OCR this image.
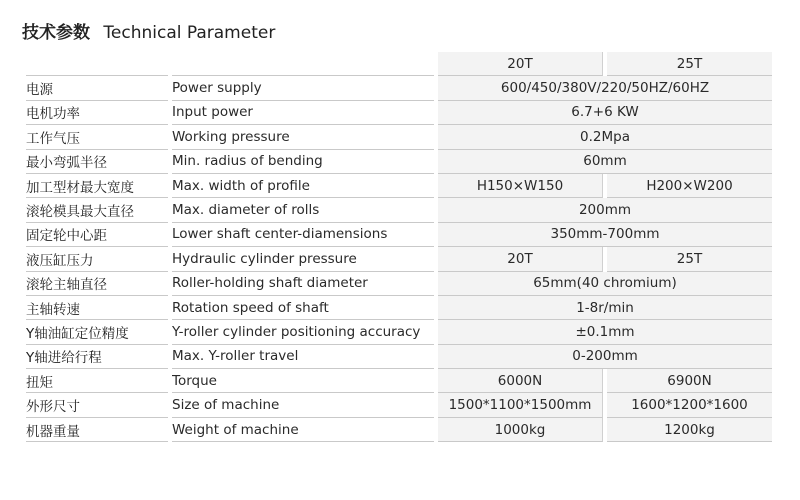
技术参数 Technical Parameter
		20T	25T
电源	Power supply	600/450/380V/220/50HZ/60HZ	
电机功率	Input power	6.7+6 KW	
工作气压	Working pressure	0.2Mpa	
最小弯弧半径	Min. radius of bending	60mm	
加工型材最大宽度	Max. width of profile	H150×W150	H200×W200
滚轮模具最大直径	Max. diameter of rolls	200mm	
固定轮中心距	Lower shaft center-diamensions	350mm-700mm	
液压缸压力	Hydraulic cylinder pressure	20T	25T
滚轮主轴直径	Roller-holding shaft diameter	65mm(40 chromium)	
主轴转速	Rotation speed of shaft	1-8r/min	
Y轴油缸定位精度	Y-roller cylinder positioning accuracy	±0.1mm	
Y轴进给行程	Max. Y-roller travel	0-200mm	
扭矩	Torque	6000N	6900N
外形尺寸	Size of machine	1500*1100*1500mm	1600*1200*1600
机器重量	Weight of machine	1000kg	1200kg
